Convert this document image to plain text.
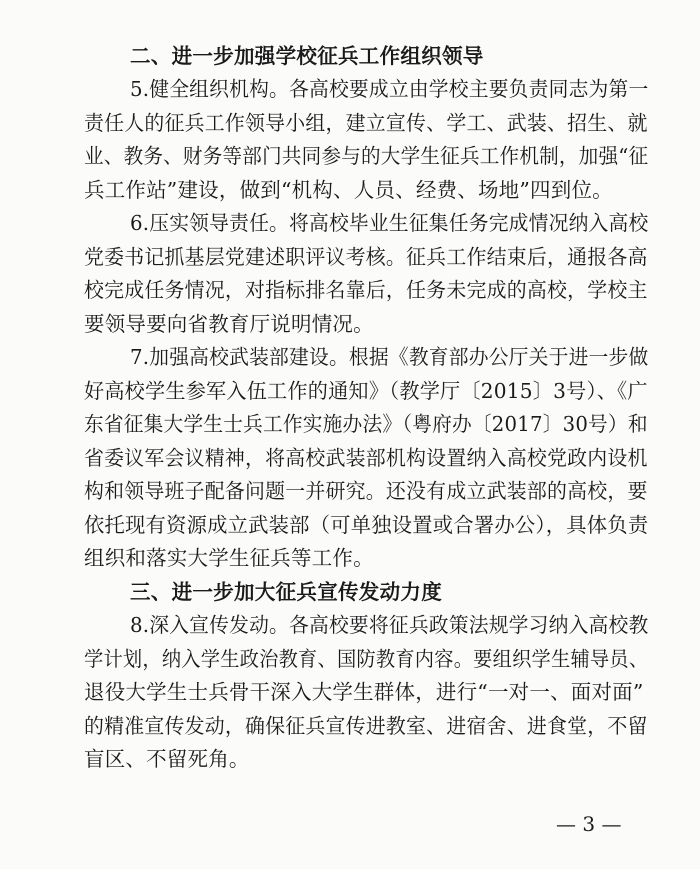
二、进一步加强学校征兵工作组织领导
5.健全组织机构。各高校要成立由学校主要负责同志为第一
责任人的征兵工作领导小组，建立宣传、学工、武装、招生、就
业、教务、财务等部门共同参与的大学生征兵工作机制，加强“征
兵工作站”建设，做到“机构、人员、经费、场地”四到位。
6.压实领导责任。将高校毕业生征集任务完成情况纳入高校
党委书记抓基层党建述职评议考核。征兵工作结束后，通报各高
校完成任务情况，对指标排名靠后，任务未完成的高校，学校主
要领导要向省教育厅说明情况。
7.加强高校武装部建设。根据《教育部办公厅关于进一步做
好高校学生参军入伍工作的通知》（教学厅〔2015〕3号）、《广
东省征集大学生士兵工作实施办法》（粤府办〔2017〕30号）和
省委议军会议精神，将高校武装部机构设置纳入高校党政内设机
构和领导班子配备问题一并研究。还没有成立武装部的高校，要
依托现有资源成立武装部（可单独设置或合署办公），具体负责
组织和落实大学生征兵等工作。
三、进一步加大征兵宣传发动力度
8.深入宣传发动。各高校要将征兵政策法规学习纳入高校教
学计划，纳入学生政治教育、国防教育内容。要组织学生辅导员、
退役大学生士兵骨干深入大学生群体，进行“一对一、面对面”
的精准宣传发动，确保征兵宣传进教室、进宿舍、进食堂，不留
盲区、不留死角。
— 3 —
